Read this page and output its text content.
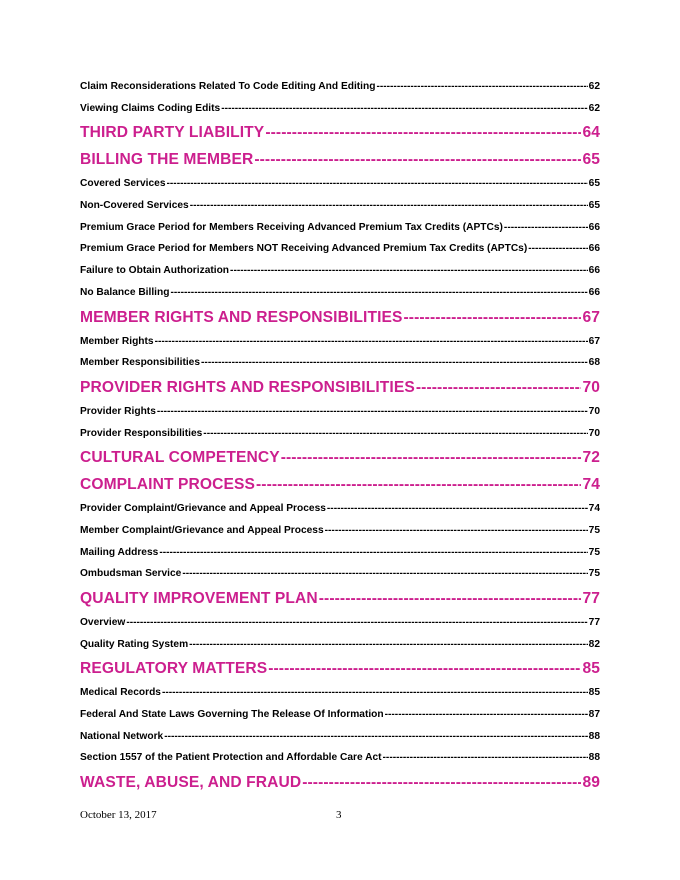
Claim Reconsiderations Related To Code Editing And Editing -----	62
Viewing Claims Coding Edits -----	62
THIRD PARTY LIABILITY -----	64
BILLING THE MEMBER -----	65
Covered Services -----	65
Non-Covered Services -----	65
Premium Grace Period for Members Receiving Advanced Premium Tax Credits (APTCs) -----	66
Premium Grace Period for Members NOT Receiving Advanced Premium Tax Credits (APTCs) -----	66
Failure to Obtain Authorization -----	66
No Balance Billing -----	66
MEMBER RIGHTS AND RESPONSIBILITIES -----	67
Member Rights -----	67
Member Responsibilities -----	68
PROVIDER RIGHTS AND RESPONSIBILITIES -----	70
Provider Rights -----	70
Provider Responsibilities -----	70
CULTURAL COMPETENCY -----	72
COMPLAINT PROCESS -----	74
Provider Complaint/Grievance and Appeal Process -----	74
Member Complaint/Grievance and Appeal Process -----	75
Mailing Address -----	75
Ombudsman Service -----	75
QUALITY IMPROVEMENT PLAN -----	77
Overview -----	77
Quality Rating System -----	82
REGULATORY MATTERS -----	85
Medical Records -----	85
Federal And State Laws Governing The Release Of Information -----	87
National Network -----	88
Section 1557 of the Patient Protection and Affordable Care Act -----	88
WASTE, ABUSE, AND FRAUD -----	89
October 13, 2017	3
